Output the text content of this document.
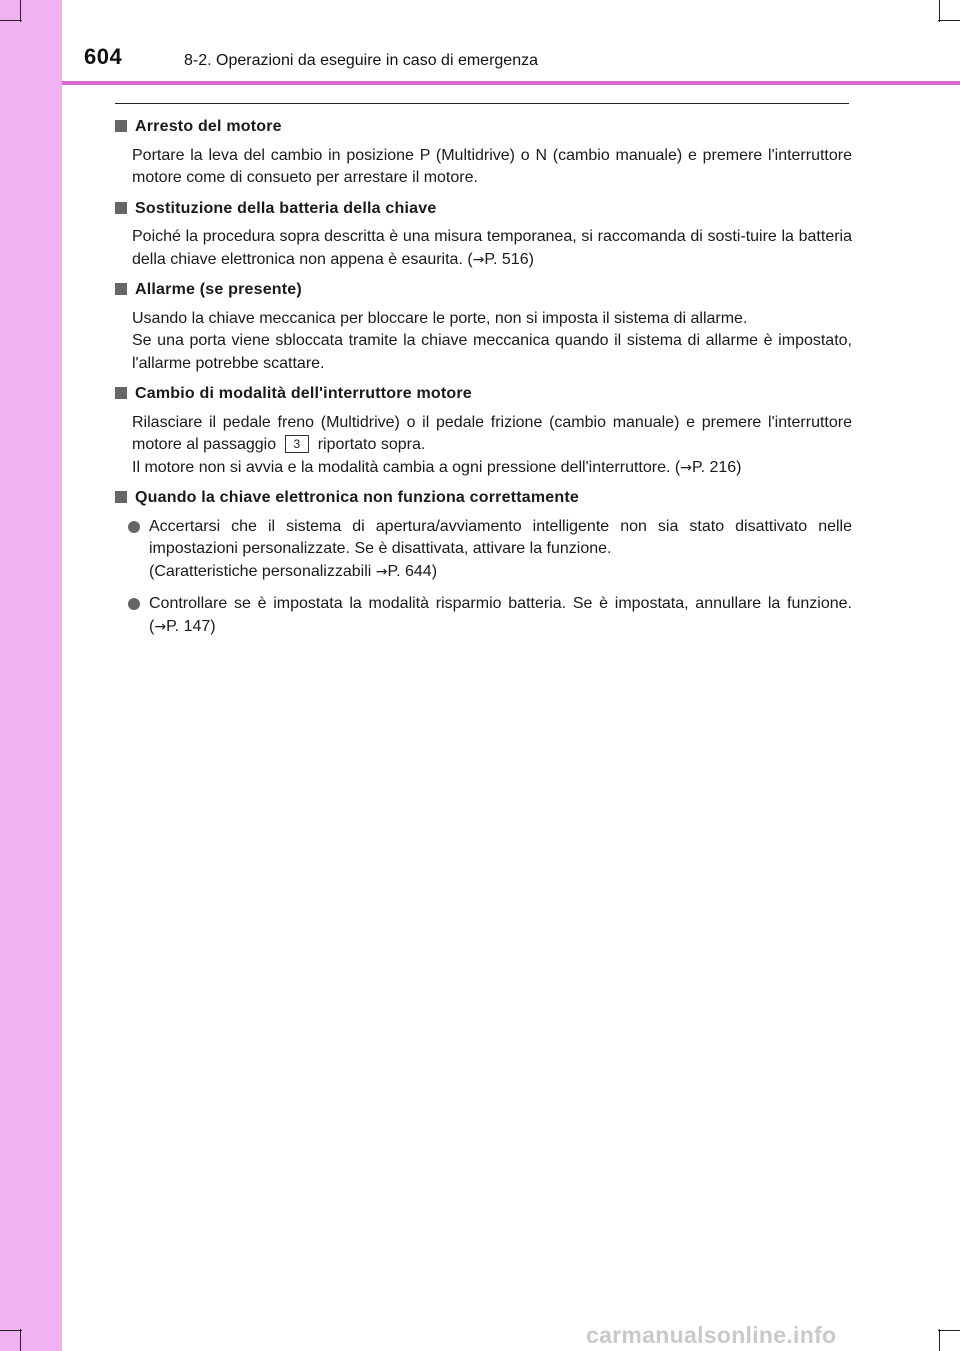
604	8-2. Operazioni da eseguire in caso di emergenza
Arresto del motore
Portare la leva del cambio in posizione P (Multidrive) o N (cambio manuale) e premere l'interruttore motore come di consueto per arrestare il motore.
Sostituzione della batteria della chiave
Poiché la procedura sopra descritta è una misura temporanea, si raccomanda di sosti-tuire la batteria della chiave elettronica non appena è esaurita. (→P. 516)
Allarme (se presente)
Usando la chiave meccanica per bloccare le porte, non si imposta il sistema di allarme.
Se una porta viene sbloccata tramite la chiave meccanica quando il sistema di allarme è impostato, l'allarme potrebbe scattare.
Cambio di modalità dell'interruttore motore
Rilasciare il pedale freno (Multidrive) o il pedale frizione (cambio manuale) e premere l'interruttore motore al passaggio 3 riportato sopra.
Il motore non si avvia e la modalità cambia a ogni pressione dell'interruttore. (→P. 216)
Quando la chiave elettronica non funziona correttamente
Accertarsi che il sistema di apertura/avviamento intelligente non sia stato disattivato nelle impostazioni personalizzate. Se è disattivata, attivare la funzione.
(Caratteristiche personalizzabili →P. 644)
Controllare se è impostata la modalità risparmio batteria. Se è impostata, annullare la funzione. (→P. 147)
carmanualsonline.info
